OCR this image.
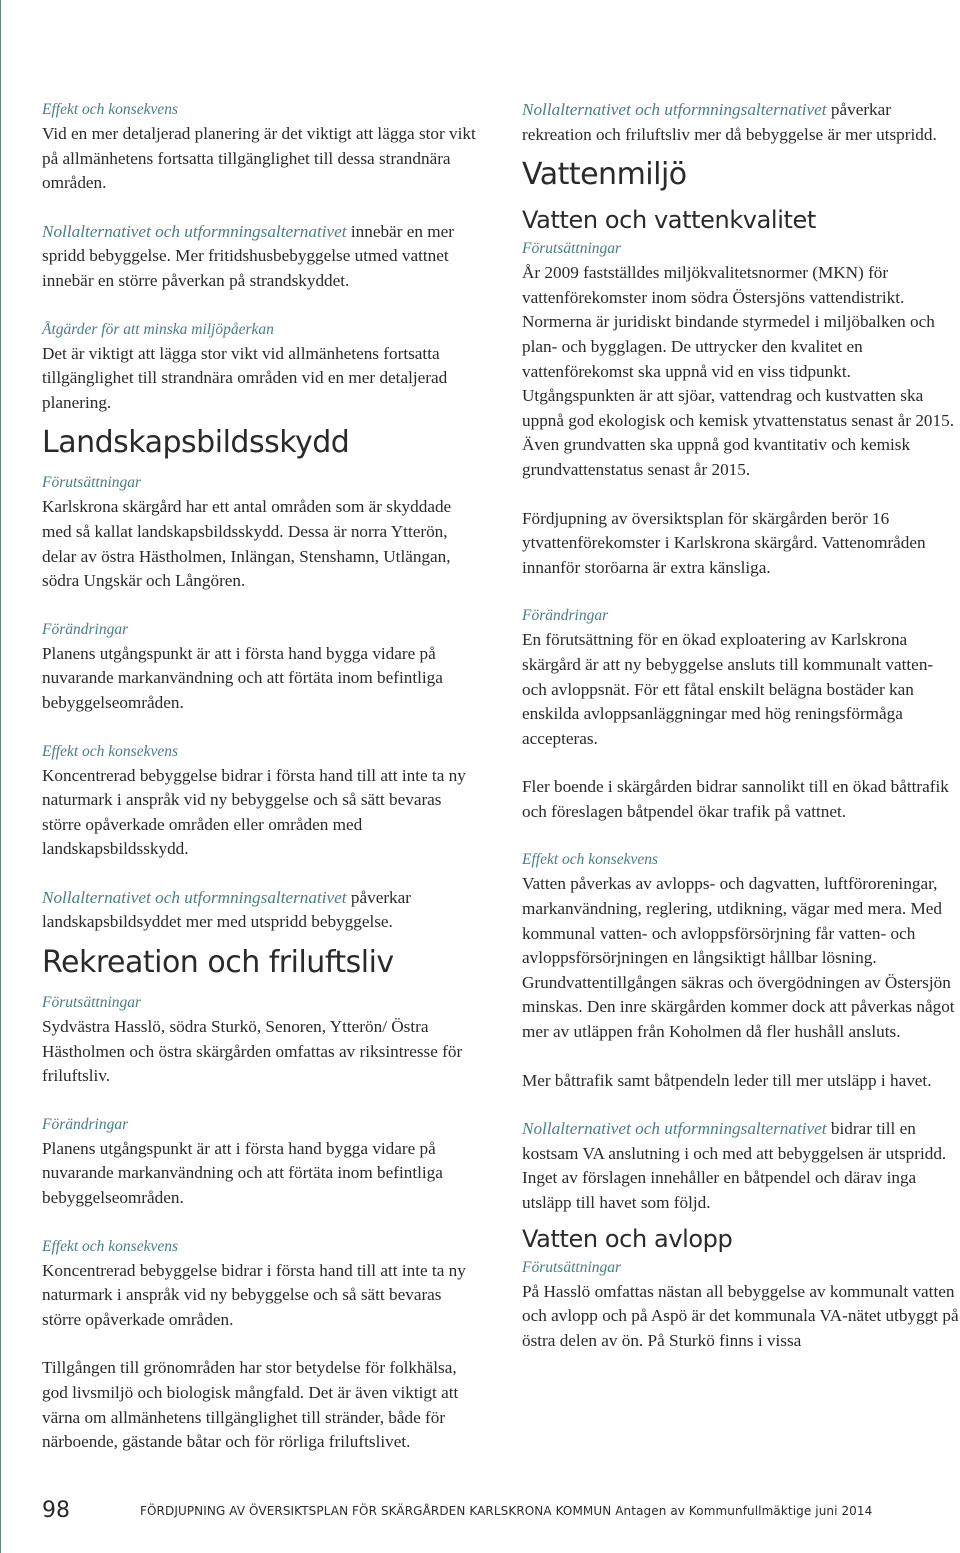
Effekt och konsekvens
Vid en mer detaljerad planering är det viktigt att lägga stor vikt på allmänhetens fortsatta tillgänglighet till dessa strandnära områden.
Nollalternativet och utformningsalternativet innebär en mer spridd bebyggelse. Mer fritidshusbebyggelse utmed vattnet innebär en större påverkan på strandskyddet.
Åtgärder för att minska miljöpåerkan
Det är viktigt att lägga stor vikt vid allmänhetens fortsatta tillgänglighet till strandnära områden vid en mer detaljerad planering.
Landskapsbildsskydd
Förutsättningar
Karlskrona skärgård har ett antal områden som är skyddade med så kallat landskapsbildsskydd. Dessa är norra Ytterön, delar av östra Hästholmen, Inlängan, Stenshamn, Utlängan, södra Ungskär och Långören.
Förändringar
Planens utgångspunkt är att i första hand bygga vidare på nuvarande markanvändning och att förtäta inom befintliga bebyggelseområden.
Effekt och konsekvens
Koncentrerad bebyggelse bidrar i första hand till att inte ta ny naturmark i anspråk vid ny bebyggelse och så sätt bevaras större opåverkade områden eller områden med landskapsbildsskydd.
Nollalternativet och utformningsalternativet påverkar landskapsbildsyddet mer med utspridd bebyggelse.
Rekreation och friluftsliv
Förutsättningar
Sydvästra Hasslö, södra Sturkö, Senoren, Ytterön/ Östra Hästholmen och östra skärgården omfattas av riksintresse för friluftsliv.
Förändringar
Planens utgångspunkt är att i första hand bygga vidare på nuvarande markanvändning och att förtäta inom befintliga bebyggelseområden.
Effekt och konsekvens
Koncentrerad bebyggelse bidrar i första hand till att inte ta ny naturmark i anspråk vid ny bebyggelse och så sätt bevaras större opåverkade områden.
Tillgången till grönområden har stor betydelse för folkhälsa, god livsmiljö och biologisk mångfald. Det är även viktigt att värna om allmänhetens tillgänglighet till stränder, både för närboende, gästande båtar och för rörliga friluftslivet.
Nollalternativet och utformningsalternativet påverkar rekreation och friluftsliv mer då bebyggelse är mer utspridd.
Vattenmiljö
Vatten och vattenkvalitet
Förutsättningar
År 2009 fastställdes miljökvalitetsnormer (MKN) för vattenförekomster inom södra Östersjöns vattendistrikt. Normerna är juridiskt bindande styrmedel i miljöbalken och plan- och bygglagen. De uttrycker den kvalitet en vattenförekomst ska uppnå vid en viss tidpunkt. Utgångspunkten är att sjöar, vattendrag och kustvatten ska uppnå god ekologisk och kemisk ytvattenstatus senast år 2015. Även grundvatten ska uppnå god kvantitativ och kemisk grundvattenstatus senast år 2015.
Fördjupning av översiktsplan för skärgården berör 16 ytvattenförekomster i Karlskrona skärgård. Vattenområden innanför storöarna är extra känsliga.
Förändringar
En förutsättning för en ökad exploatering av Karlskrona skärgård är att ny bebyggelse ansluts till kommunalt vatten- och avloppsnät. För ett fåtal enskilt belägna bostäder kan enskilda avloppsanläggningar med hög reningsförmåga accepteras.
Fler boende i skärgården bidrar sannolikt till en ökad båttrafik och föreslagen båtpendel ökar trafik på vattnet.
Effekt och konsekvens
Vatten påverkas av avlopps- och dagvatten, luftföroreningar, markanvändning, reglering, utdikning, vägar med mera. Med kommunal vatten- och avloppsförsörjning får vatten- och avloppsförsörjningen en långsiktigt hållbar lösning. Grundvattentillgången säkras och övergödningen av Östersjön minskas. Den inre skärgården kommer dock att påverkas något mer av utläppen från Koholmen då fler hushåll ansluts.
Mer båttrafik samt båtpendeln leder till mer utsläpp i havet.
Nollalternativet och utformningsalternativet bidrar till en kostsam VA anslutning i och med att bebyggelsen är utspridd. Inget av förslagen innehåller en båtpendel och därav inga utsläpp till havet som följd.
Vatten och avlopp
Förutsättningar
På Hasslö omfattas nästan all bebyggelse av kommunalt vatten och avlopp och på Aspö är det kommunala VA-nätet utbyggt på östra delen av ön. På Sturkö finns i vissa
98	FÖRDJUPNING AV ÖVERSIKTSPLAN FÖR SKÄRGÅRDEN KARLSKRONA KOMMUN Antagen av Kommunfullmäktige juni 2014
